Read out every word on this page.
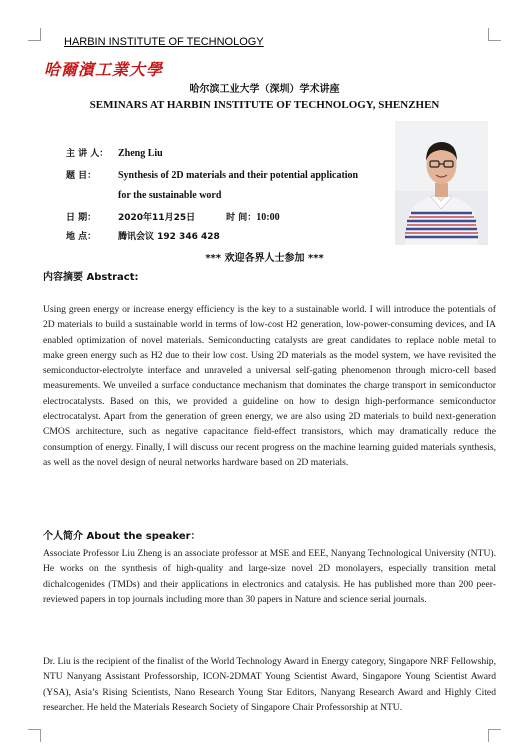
HARBIN INSTITUTE OF TECHNOLOGY
哈爾濱工業大學
哈尔滨工业大学（深圳）学术讲座
SEMINARS AT HARBIN INSTITUTE OF TECHNOLOGY, SHENZHEN
主 讲 人： Zheng Liu
题 目： Synthesis of 2D materials and their potential application
for the sustainable word
日 期： 2020年11月25日	时 间：10:00
地 点： 腾讯会议 192 346 428
*** 欢迎各界人士参加 ***
内容摘要 Abstract:

Using green energy or increase energy efficiency is the key to a sustainable world. I will introduce the potentials of 2D materials to build a sustainable world in terms of low-cost H2 generation, low-power-consuming devices, and IA enabled optimization of novel materials. Semiconducting catalysts are great candidates to replace noble metal to make green energy such as H2 due to their low cost. Using 2D materials as the model system, we have revisited the semiconductor-electrolyte interface and unraveled a universal self-gating phenomenon through micro-cell based measurements. We unveiled a surface conductance mechanism that dominates the charge transport in semiconductor electrocatalysts. Based on this, we provided a guideline on how to design high-performance semiconductor electrocatalyst. Apart from the generation of green energy, we are also using 2D materials to build next-generation CMOS architecture, such as negative capacitance field-effect transistors, which may dramatically reduce the consumption of energy. Finally, I will discuss our recent progress on the machine learning guided materials synthesis, as well as the novel design of neural networks hardware based on 2D materials.

个人简介 About the speaker：

Associate Professor Liu Zheng is an associate professor at MSE and EEE, Nanyang Technological University (NTU). He works on the synthesis of high-quality and large-size novel 2D monolayers, especially transition metal dichalcogenides (TMDs) and their applications in electronics and catalysis. He has published more than 200 peer-reviewed papers in top journals including more than 30 papers in Nature and science serial journals.

Dr. Liu is the recipient of the finalist of the World Technology Award in Energy category, Singapore NRF Fellowship, NTU Nanyang Assistant Professorship, ICON-2DMAT Young Scientist Award, Singapore Young Scientist Award (YSA), Asia’s Rising Scientists, Nano Research Young Star Editors, Nanyang Research Award and Highly Cited researcher. He held the Materials Research Society of Singapore Chair Professorship at NTU.
